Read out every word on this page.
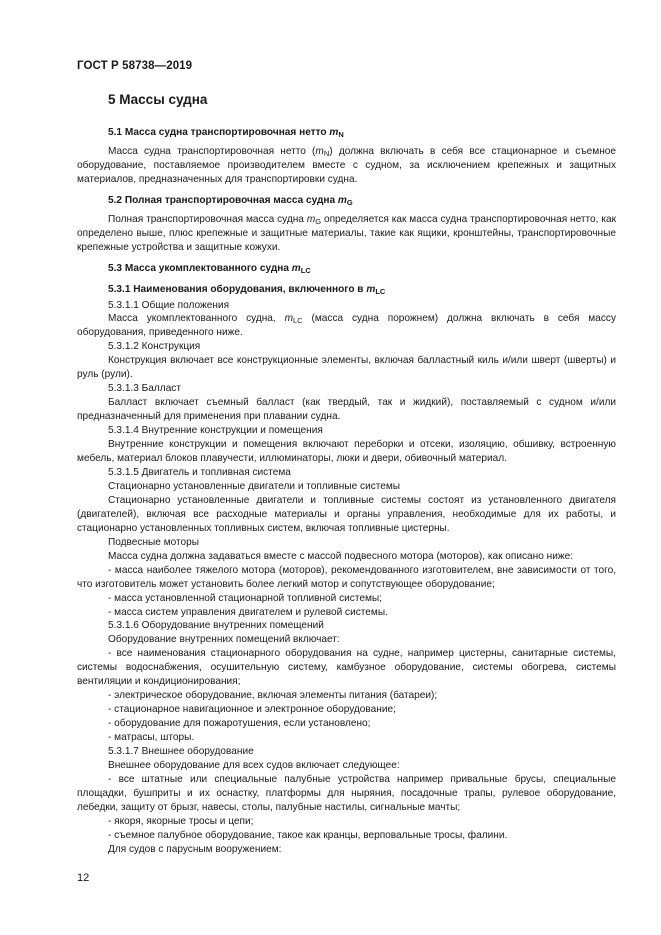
ГОСТ Р 58738—2019
5 Массы судна
5.1 Масса судна транспортировочная нетто $m_N$
Масса судна транспортировочная нетто $(m_N)$ должна включать в себя все стационарное и съемное оборудование, поставляемое производителем вместе с судном, за исключением крепежных и защитных материалов, предназначенных для транспортировки судна.
5.2 Полная транспортировочная масса судна $m_G$
Полная транспортировочная масса судна $m_G$ определяется как масса судна транспортировочная нетто, как определено выше, плюс крепежные и защитные материалы, такие как ящики, кронштейны, транспортировочные крепежные устройства и защитные кожухи.
5.3 Масса укомплектованного судна $m_{LC}$
5.3.1 Наименования оборудования, включенного в $m_{LC}$
5.3.1.1 Общие положения
Масса укомплектованного судна, $m_{LC}$ (масса судна порожнем) должна включать в себя массу оборудования, приведенного ниже.
5.3.1.2 Конструкция
Конструкция включает все конструкционные элементы, включая балластный киль и/или шверт (шверты) и руль (рули).
5.3.1.3 Балласт
Балласт включает съемный балласт (как твердый, так и жидкий), поставляемый с судном и/или предназначенный для применения при плавании судна.
5.3.1.4 Внутренние конструкции и помещения
Внутренние конструкции и помещения включают переборки и отсеки, изоляцию, обшивку, встроенную мебель, материал блоков плавучести, иллюминаторы, люки и двери, обивочный материал.
5.3.1.5 Двигатель и топливная система
Стационарно установленные двигатели и топливные системы
Стационарно установленные двигатели и топливные системы состоят из установленного двигателя (двигателей), включая все расходные материалы и органы управления, необходимые для их работы, и стационарно установленных топливных систем, включая топливные цистерны.
Подвесные моторы
Масса судна должна задаваться вместе с массой подвесного мотора (моторов), как описано ниже:
- масса наиболее тяжелого мотора (моторов), рекомендованного изготовителем, вне зависимости от того, что изготовитель может установить более легкий мотор и сопутствующее оборудование;
- масса установленной стационарной топливной системы;
- масса систем управления двигателем и рулевой системы.
5.3.1.6 Оборудование внутренних помещений
Оборудование внутренних помещений включает:
- все наименования стационарного оборудования на судне, например цистерны, санитарные системы, системы водоснабжения, осушительную систему, камбузное оборудование, системы обогрева, системы вентиляции и кондиционирования;
- электрическое оборудование, включая элементы питания (батареи);
- стационарное навигационное и электронное оборудование;
- оборудование для пожаротушения, если установлено;
- матрасы, шторы.
5.3.1.7 Внешнее оборудование
Внешнее оборудование для всех судов включает следующее:
- все штатные или специальные палубные устройства например привальные брусы, специальные площадки, бушприты и их оснастку, платформы для ныряния, посадочные трапы, рулевое оборудование, лебедки, защиту от брызг, навесы, столы, палубные настилы, сигнальные мачты;
- якоря, якорные тросы и цепи;
- съемное палубное оборудование, такое как кранцы, верповальные тросы, фалини.
Для судов с парусным вооружением:
12
